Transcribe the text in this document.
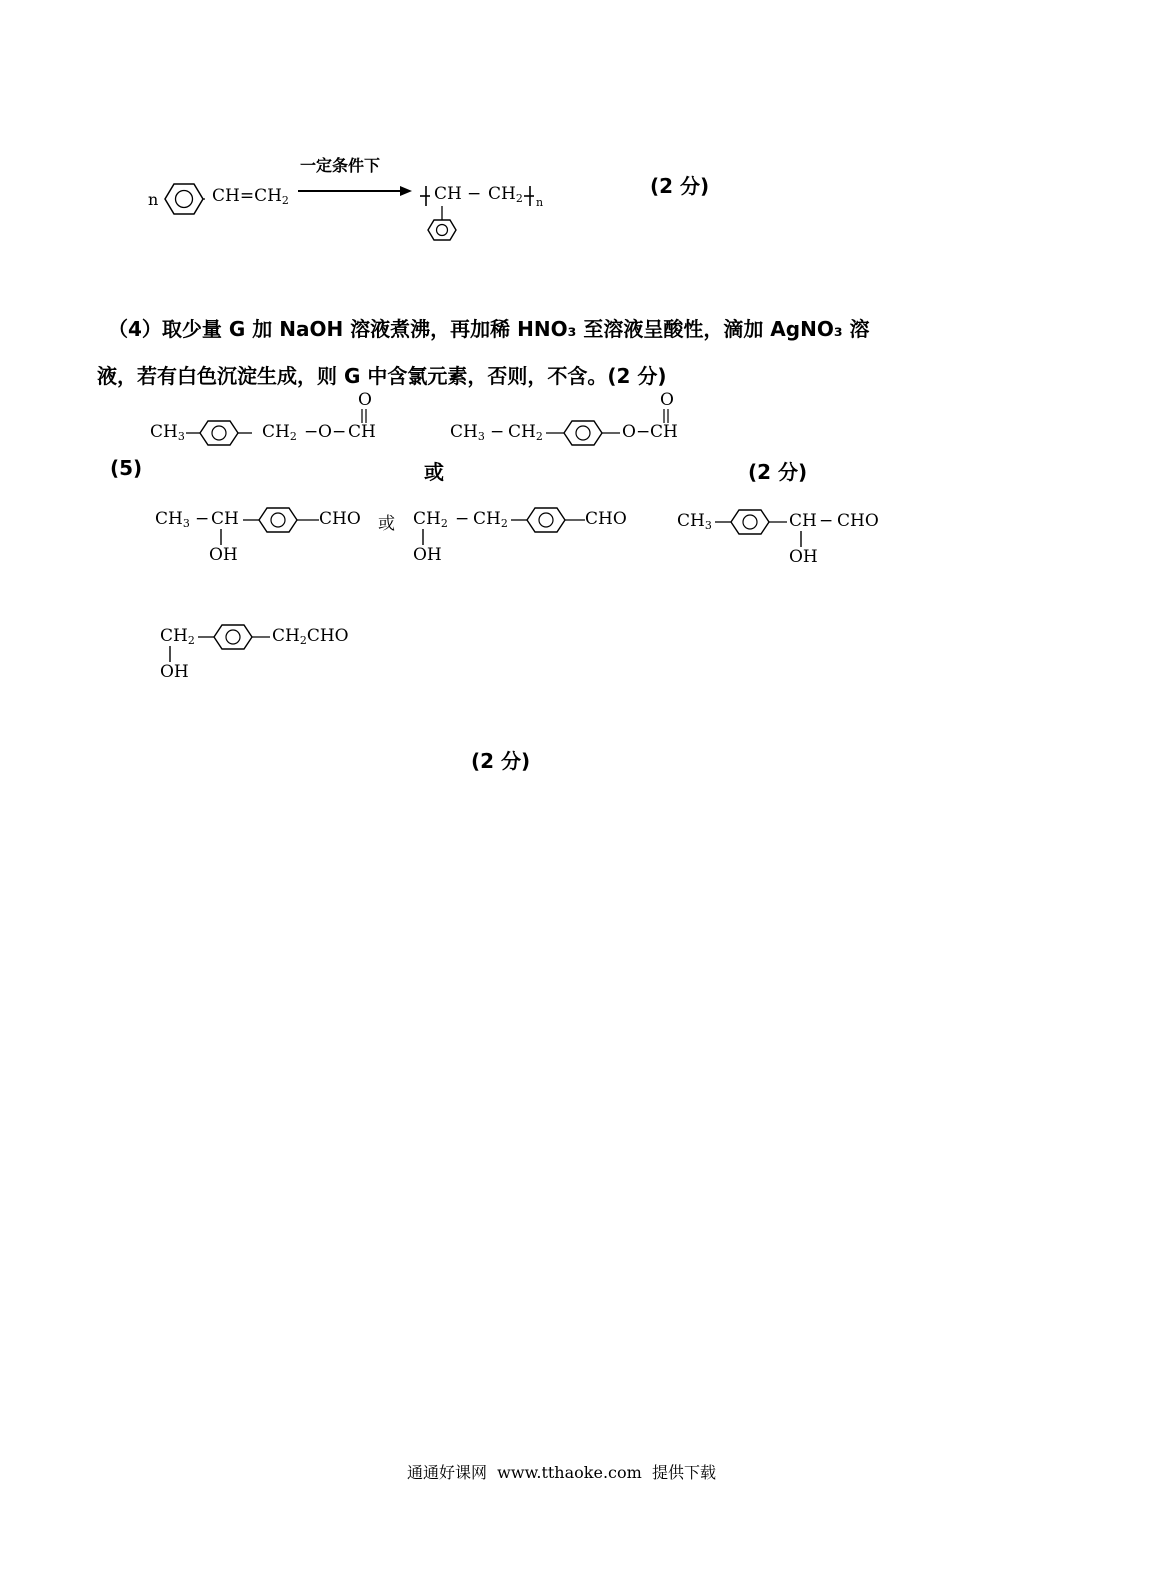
n	$CH=CH_2$
一定条件下
CH − $CH_2$ n
(2 分)
（4）取少量 G 加 NaOH 溶液煮沸，再加稀 HNO₃ 至溶液呈酸性，滴加 AgNO₃ 溶
液，若有白色沉淀生成，则 G 中含氯元素，否则，不含。(2 分)
(5)	或	(2 分)
$CH_3$	$CH_2 - O$ − CH
O
$CH_3 - CH_2$	O − CH
O
$CH_3$ − CH
OH
CHO 或 $CH_2$
OH
− $CH_2$	CHO	$CH_3$	CH
OH
− CHO
$CH_2$
OH
$CH_2CHO$
(2 分)
通通好课网  www.tthaoke.com  提供下载
